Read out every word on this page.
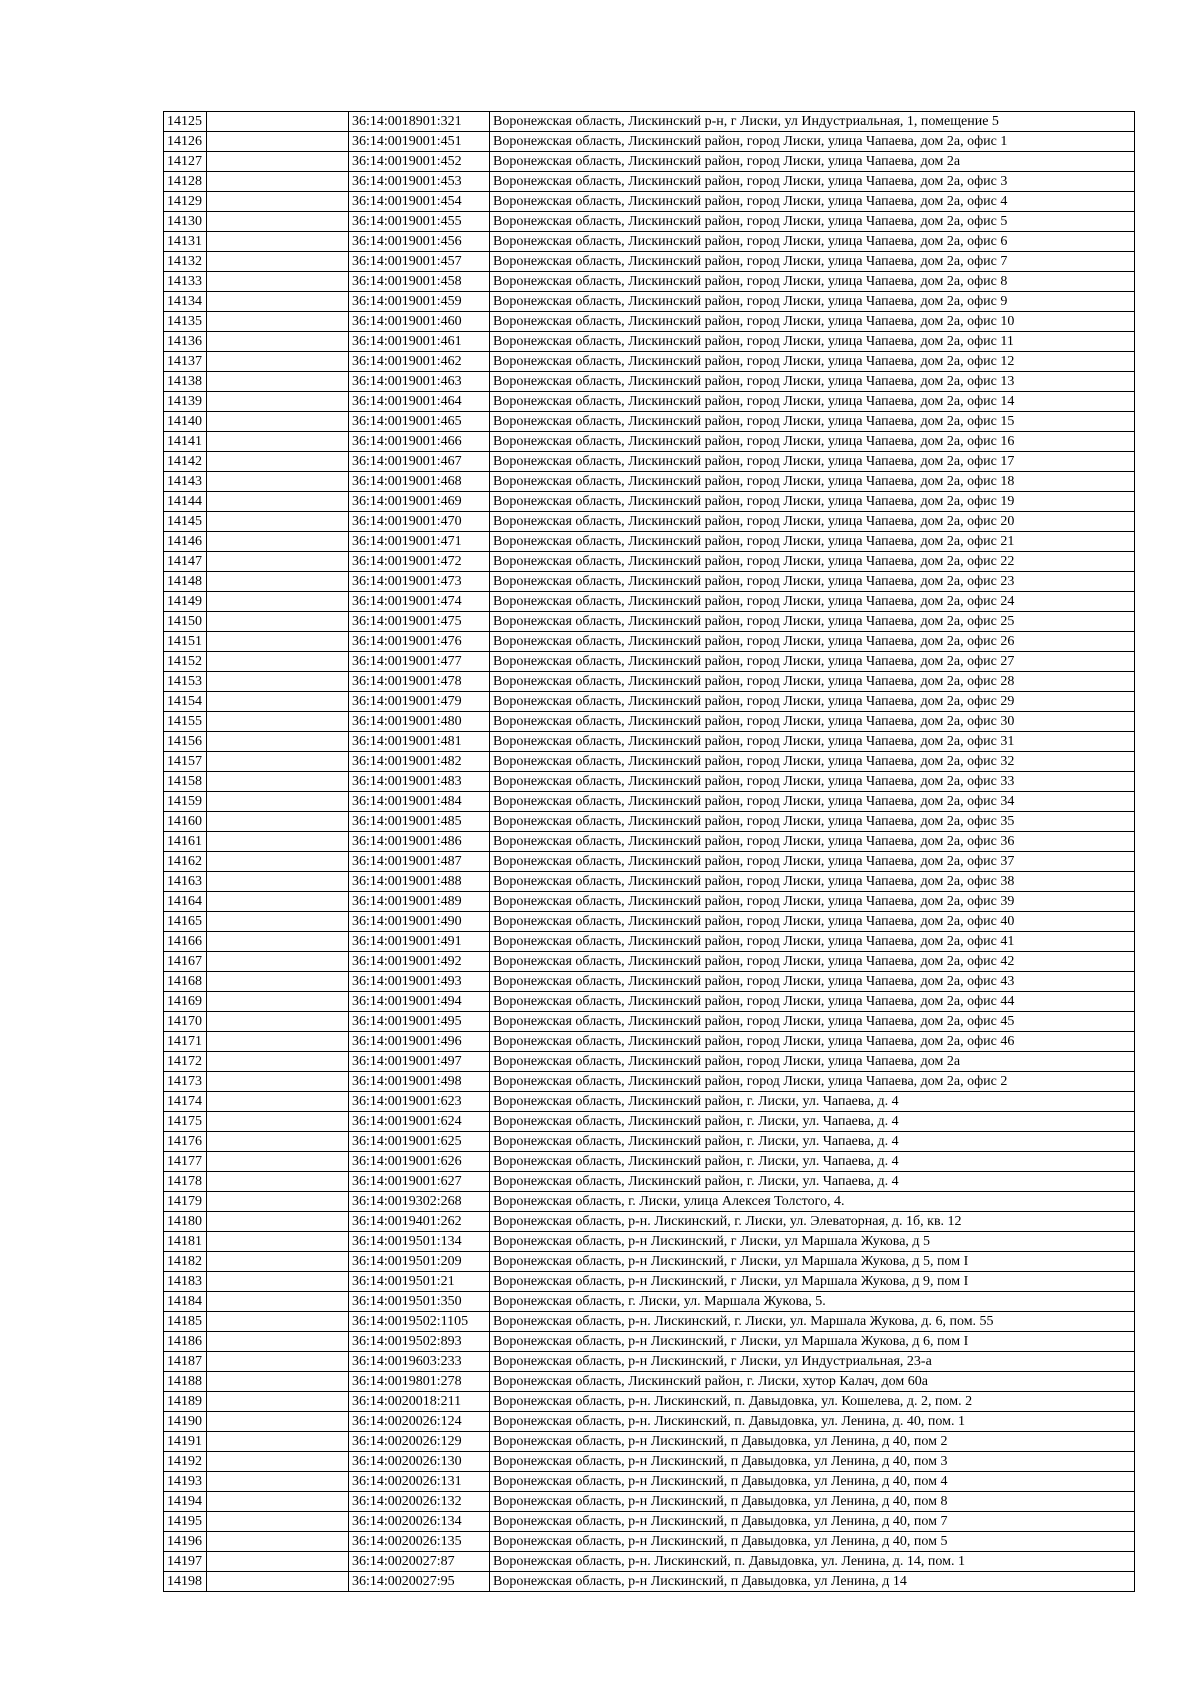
14125		36:14:0018901:321	Воронежская область, Лискинский р-н, г Лиски, ул Индустриальная, 1, помещение 5
14126		36:14:0019001:451	Воронежская область, Лискинский район, город Лиски, улица Чапаева, дом 2а, офис 1
14127		36:14:0019001:452	Воронежская область, Лискинский район, город Лиски, улица Чапаева, дом 2а
14128		36:14:0019001:453	Воронежская область, Лискинский район, город Лиски, улица Чапаева, дом 2а, офис 3
14129		36:14:0019001:454	Воронежская область, Лискинский район, город Лиски, улица Чапаева, дом 2а, офис 4
14130		36:14:0019001:455	Воронежская область, Лискинский район, город Лиски, улица Чапаева, дом 2а, офис 5
14131		36:14:0019001:456	Воронежская область, Лискинский район, город Лиски, улица Чапаева, дом 2а, офис 6
14132		36:14:0019001:457	Воронежская область, Лискинский район, город Лиски, улица Чапаева, дом 2а, офис 7
14133		36:14:0019001:458	Воронежская область, Лискинский район, город Лиски, улица Чапаева, дом 2а, офис 8
14134		36:14:0019001:459	Воронежская область, Лискинский район, город Лиски, улица Чапаева, дом 2а, офис 9
14135		36:14:0019001:460	Воронежская область, Лискинский район, город Лиски, улица Чапаева, дом 2а, офис 10
14136		36:14:0019001:461	Воронежская область, Лискинский район, город Лиски, улица Чапаева, дом 2а, офис 11
14137		36:14:0019001:462	Воронежская область, Лискинский район, город Лиски, улица Чапаева, дом 2а, офис 12
14138		36:14:0019001:463	Воронежская область, Лискинский район, город Лиски, улица Чапаева, дом 2а, офис 13
14139		36:14:0019001:464	Воронежская область, Лискинский район, город Лиски, улица Чапаева, дом 2а, офис 14
14140		36:14:0019001:465	Воронежская область, Лискинский район, город Лиски, улица Чапаева, дом 2а, офис 15
14141		36:14:0019001:466	Воронежская область, Лискинский район, город Лиски, улица Чапаева, дом 2а, офис 16
14142		36:14:0019001:467	Воронежская область, Лискинский район, город Лиски, улица Чапаева, дом 2а, офис 17
14143		36:14:0019001:468	Воронежская область, Лискинский район, город Лиски, улица Чапаева, дом 2а, офис 18
14144		36:14:0019001:469	Воронежская область, Лискинский район, город Лиски, улица Чапаева, дом 2а, офис 19
14145		36:14:0019001:470	Воронежская область, Лискинский район, город Лиски, улица Чапаева, дом 2а, офис 20
14146		36:14:0019001:471	Воронежская область, Лискинский район, город Лиски, улица Чапаева, дом 2а, офис 21
14147		36:14:0019001:472	Воронежская область, Лискинский район, город Лиски, улица Чапаева, дом 2а, офис 22
14148		36:14:0019001:473	Воронежская область, Лискинский район, город Лиски, улица Чапаева, дом 2а, офис 23
14149		36:14:0019001:474	Воронежская область, Лискинский район, город Лиски, улица Чапаева, дом 2а, офис 24
14150		36:14:0019001:475	Воронежская область, Лискинский район, город Лиски, улица Чапаева, дом 2а, офис 25
14151		36:14:0019001:476	Воронежская область, Лискинский район, город Лиски, улица Чапаева, дом 2а, офис 26
14152		36:14:0019001:477	Воронежская область, Лискинский район, город Лиски, улица Чапаева, дом 2а, офис 27
14153		36:14:0019001:478	Воронежская область, Лискинский район, город Лиски, улица Чапаева, дом 2а, офис 28
14154		36:14:0019001:479	Воронежская область, Лискинский район, город Лиски, улица Чапаева, дом 2а, офис 29
14155		36:14:0019001:480	Воронежская область, Лискинский район, город Лиски, улица Чапаева, дом 2а, офис 30
14156		36:14:0019001:481	Воронежская область, Лискинский район, город Лиски, улица Чапаева, дом 2а, офис 31
14157		36:14:0019001:482	Воронежская область, Лискинский район, город Лиски, улица Чапаева, дом 2а, офис 32
14158		36:14:0019001:483	Воронежская область, Лискинский район, город Лиски, улица Чапаева, дом 2а, офис 33
14159		36:14:0019001:484	Воронежская область, Лискинский район, город Лиски, улица Чапаева, дом 2а, офис 34
14160		36:14:0019001:485	Воронежская область, Лискинский район, город Лиски, улица Чапаева, дом 2а, офис 35
14161		36:14:0019001:486	Воронежская область, Лискинский район, город Лиски, улица Чапаева, дом 2а, офис 36
14162		36:14:0019001:487	Воронежская область, Лискинский район, город Лиски, улица Чапаева, дом 2а, офис 37
14163		36:14:0019001:488	Воронежская область, Лискинский район, город Лиски, улица Чапаева, дом 2а, офис 38
14164		36:14:0019001:489	Воронежская область, Лискинский район, город Лиски, улица Чапаева, дом 2а, офис 39
14165		36:14:0019001:490	Воронежская область, Лискинский район, город Лиски, улица Чапаева, дом 2а, офис 40
14166		36:14:0019001:491	Воронежская область, Лискинский район, город Лиски, улица Чапаева, дом 2а, офис 41
14167		36:14:0019001:492	Воронежская область, Лискинский район, город Лиски, улица Чапаева, дом 2а, офис 42
14168		36:14:0019001:493	Воронежская область, Лискинский район, город Лиски, улица Чапаева, дом 2а, офис 43
14169		36:14:0019001:494	Воронежская область, Лискинский район, город Лиски, улица Чапаева, дом 2а, офис 44
14170		36:14:0019001:495	Воронежская область, Лискинский район, город Лиски, улица Чапаева, дом 2а, офис 45
14171		36:14:0019001:496	Воронежская область, Лискинский район, город Лиски, улица Чапаева, дом 2а, офис 46
14172		36:14:0019001:497	Воронежская область, Лискинский район, город Лиски, улица Чапаева, дом 2а
14173		36:14:0019001:498	Воронежская область, Лискинский район, город Лиски, улица Чапаева, дом 2а, офис 2
14174		36:14:0019001:623	Воронежская область, Лискинский район, г. Лиски, ул. Чапаева, д. 4
14175		36:14:0019001:624	Воронежская область, Лискинский район, г. Лиски, ул. Чапаева, д. 4
14176		36:14:0019001:625	Воронежская область, Лискинский район, г. Лиски, ул. Чапаева, д. 4
14177		36:14:0019001:626	Воронежская область, Лискинский район, г. Лиски, ул. Чапаева, д. 4
14178		36:14:0019001:627	Воронежская область, Лискинский район, г. Лиски, ул. Чапаева, д. 4
14179		36:14:0019302:268	Воронежская область, г. Лиски, улица Алексея Толстого, 4.
14180		36:14:0019401:262	Воронежская область, р-н. Лискинский, г. Лиски, ул. Элеваторная, д. 1б, кв. 12
14181		36:14:0019501:134	Воронежская область, р-н Лискинский, г Лиски, ул Маршала Жукова, д 5
14182		36:14:0019501:209	Воронежская область, р-н Лискинский, г Лиски, ул Маршала Жукова, д 5, пом I
14183		36:14:0019501:21	Воронежская область, р-н Лискинский, г Лиски, ул Маршала Жукова, д 9, пом I
14184		36:14:0019501:350	Воронежская область, г. Лиски, ул. Маршала Жукова, 5.
14185		36:14:0019502:1105	Воронежская область, р-н. Лискинский, г. Лиски, ул. Маршала Жукова, д. 6, пом. 55
14186		36:14:0019502:893	Воронежская область, р-н Лискинский, г Лиски, ул Маршала Жукова, д 6, пом I
14187		36:14:0019603:233	Воронежская область, р-н Лискинский, г Лиски, ул Индустриальная, 23-а
14188		36:14:0019801:278	Воронежская область, Лискинский район, г. Лиски, хутор Калач, дом 60а
14189		36:14:0020018:211	Воронежская область, р-н. Лискинский, п. Давыдовка, ул. Кошелева, д. 2, пом. 2
14190		36:14:0020026:124	Воронежская область, р-н. Лискинский, п. Давыдовка, ул. Ленина, д. 40, пом. 1
14191		36:14:0020026:129	Воронежская область, р-н Лискинский, п Давыдовка, ул Ленина, д 40, пом 2
14192		36:14:0020026:130	Воронежская область, р-н Лискинский, п Давыдовка, ул Ленина, д 40, пом 3
14193		36:14:0020026:131	Воронежская область, р-н Лискинский, п Давыдовка, ул Ленина, д 40, пом 4
14194		36:14:0020026:132	Воронежская область, р-н Лискинский, п Давыдовка, ул Ленина, д 40, пом 8
14195		36:14:0020026:134	Воронежская область, р-н Лискинский, п Давыдовка, ул Ленина, д 40, пом 7
14196		36:14:0020026:135	Воронежская область, р-н Лискинский, п Давыдовка, ул Ленина, д 40, пом 5
14197		36:14:0020027:87	Воронежская область, р-н. Лискинский, п. Давыдовка, ул. Ленина, д. 14, пом. 1
14198		36:14:0020027:95	Воронежская область, р-н Лискинский, п Давыдовка, ул Ленина, д 14
